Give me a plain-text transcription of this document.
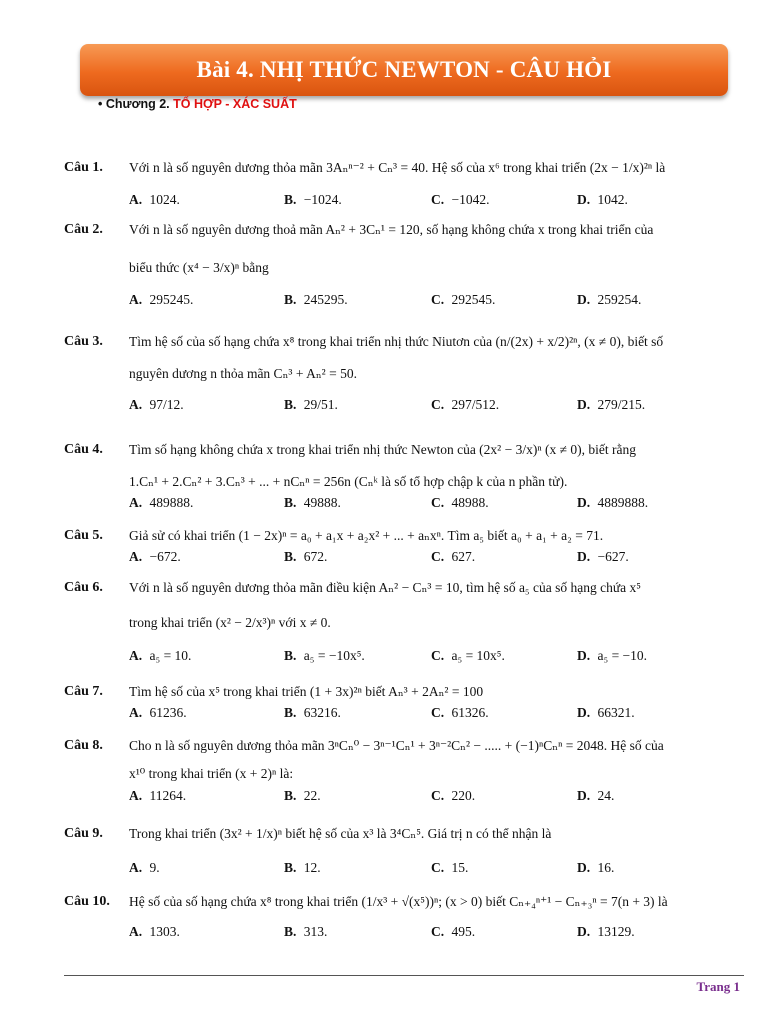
Bài 4. NHỊ THỨC NEWTON - CÂU HỎI
• Chương 2. TỔ HỢP - XÁC SUẤT
Câu 1. Với n là số nguyên dương thỏa mãn 3Aₙⁿ⁻² + Cₙ³ = 40. Hệ số của x⁶ trong khai triển (2x − 1/x)²ⁿ là
A. 1024.	B. −1024.	C. −1042.	D. 1042.
Câu 2. Với n là số nguyên dương thoả mãn Aₙ² + 3Cₙ¹ = 120, số hạng không chứa x trong khai triển của
biểu thức (x⁴ − 3/x)ⁿ bằng
A. 295245.	B. 245295.	C. 292545.	D. 259254.
Câu 3. Tìm hệ số của số hạng chứa x⁸ trong khai triển nhị thức Niutơn của (n/(2x) + x/2)²ⁿ, (x ≠ 0), biết số
nguyên dương n thỏa mãn Cₙ³ + Aₙ² = 50.
A. 97/12.	B. 29/51.	C. 297/512.	D. 279/215.
Câu 4. Tìm số hạng không chứa x trong khai triển nhị thức Newton của (2x² − 3/x)ⁿ (x ≠ 0), biết rằng
1.Cₙ¹ + 2.Cₙ² + 3.Cₙ³ + ... + nCₙⁿ = 256n (Cₙᵏ là số tổ hợp chập k của n phần tử).
A. 489888.	B. 49888.	C. 48988.	D. 4889888.
Câu 5. Giả sử có khai triển (1 − 2x)ⁿ = a₀ + a₁x + a₂x² + ... + aₙxⁿ. Tìm a₅ biết a₀ + a₁ + a₂ = 71.
A. −672.	B. 672.	C. 627.	D. −627.
Câu 6. Với n là số nguyên dương thỏa mãn điều kiện Aₙ² − Cₙ³ = 10, tìm hệ số a₅ của số hạng chứa x⁵
trong khai triển (x² − 2/x³)ⁿ với x ≠ 0.
A. a₅ = 10.	B. a₅ = −10x⁵.	C. a₅ = 10x⁵.	D. a₅ = −10.
Câu 7. Tìm hệ số của x⁵ trong khai triển (1 + 3x)²ⁿ biết Aₙ³ + 2Aₙ² = 100
A. 61236.	B. 63216.	C. 61326.	D. 66321.
Câu 8. Cho n là số nguyên dương thỏa mãn 3ⁿCₙ⁰ − 3ⁿ⁻¹Cₙ¹ + 3ⁿ⁻²Cₙ² − ..... + (−1)ⁿCₙⁿ = 2048. Hệ số của
x¹⁰ trong khai triển (x + 2)ⁿ là:
A. 11264.	B. 22.	C. 220.	D. 24.
Câu 9. Trong khai triển (3x² + 1/x)ⁿ biết hệ số của x³ là 3⁴Cₙ⁵. Giá trị n có thể nhận là
A. 9.	B. 12.	C. 15.	D. 16.
Câu 10. Hệ số của số hạng chứa x⁸ trong khai triển (1/x³ + √(x⁵))ⁿ; (x > 0) biết Cₙ₊₄ⁿ⁺¹ − Cₙ₊₃ⁿ = 7(n + 3) là
A. 1303.	B. 313.	C. 495.	D. 13129.
Trang 1
